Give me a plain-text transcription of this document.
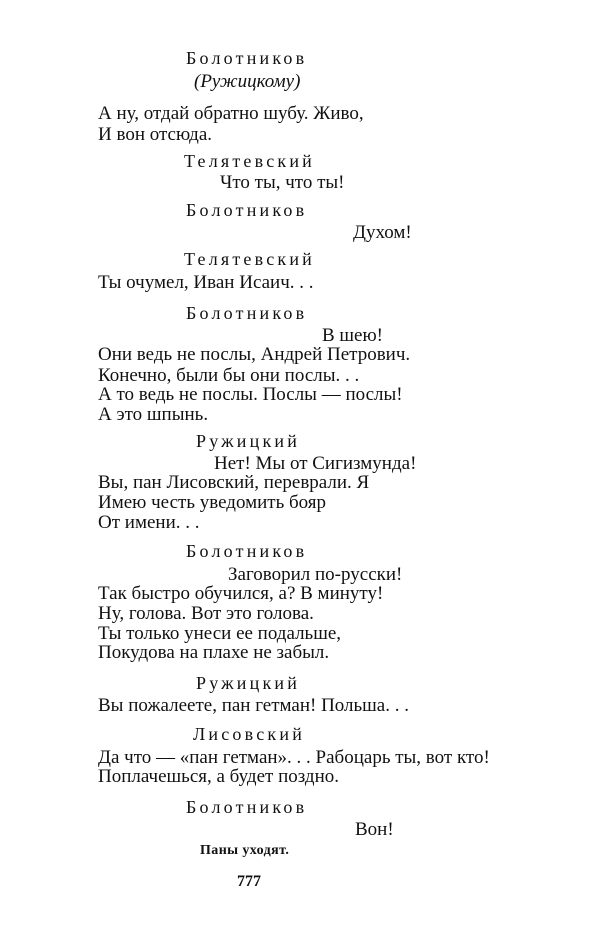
Болотников
(Ружицкому)
А ну, отдай обратно шубу. Живо,
И вон отсюда.
Телятевский
Что ты, что ты!
Болотников
Духом!
Телятевский
Ты очумел, Иван Исаич. . .
Болотников
В шею!
Они ведь не послы, Андрей Петрович.
Конечно, были бы они послы. . .
А то ведь не послы. Послы — послы!
А это шпынь.
Ружицкий
Нет! Мы от Сигизмунда!
Вы, пан Лисовский, переврали. Я
Имею честь уведомить бояр
От имени. . .
Болотников
Заговорил по-русски!
Так быстро обучился, а? В минуту!
Ну, голова. Вот это голова.
Ты только унеси ее подальше,
Покудова на плахе не забыл.
Ружицкий
Вы пожалеете, пан гетман! Польша. . .
Лисовский
Да что — «пан гетман». . . Рабоцарь ты, вот кто!
Поплачешься, а будет поздно.
Болотников
Вон!
Паны уходят.
777
